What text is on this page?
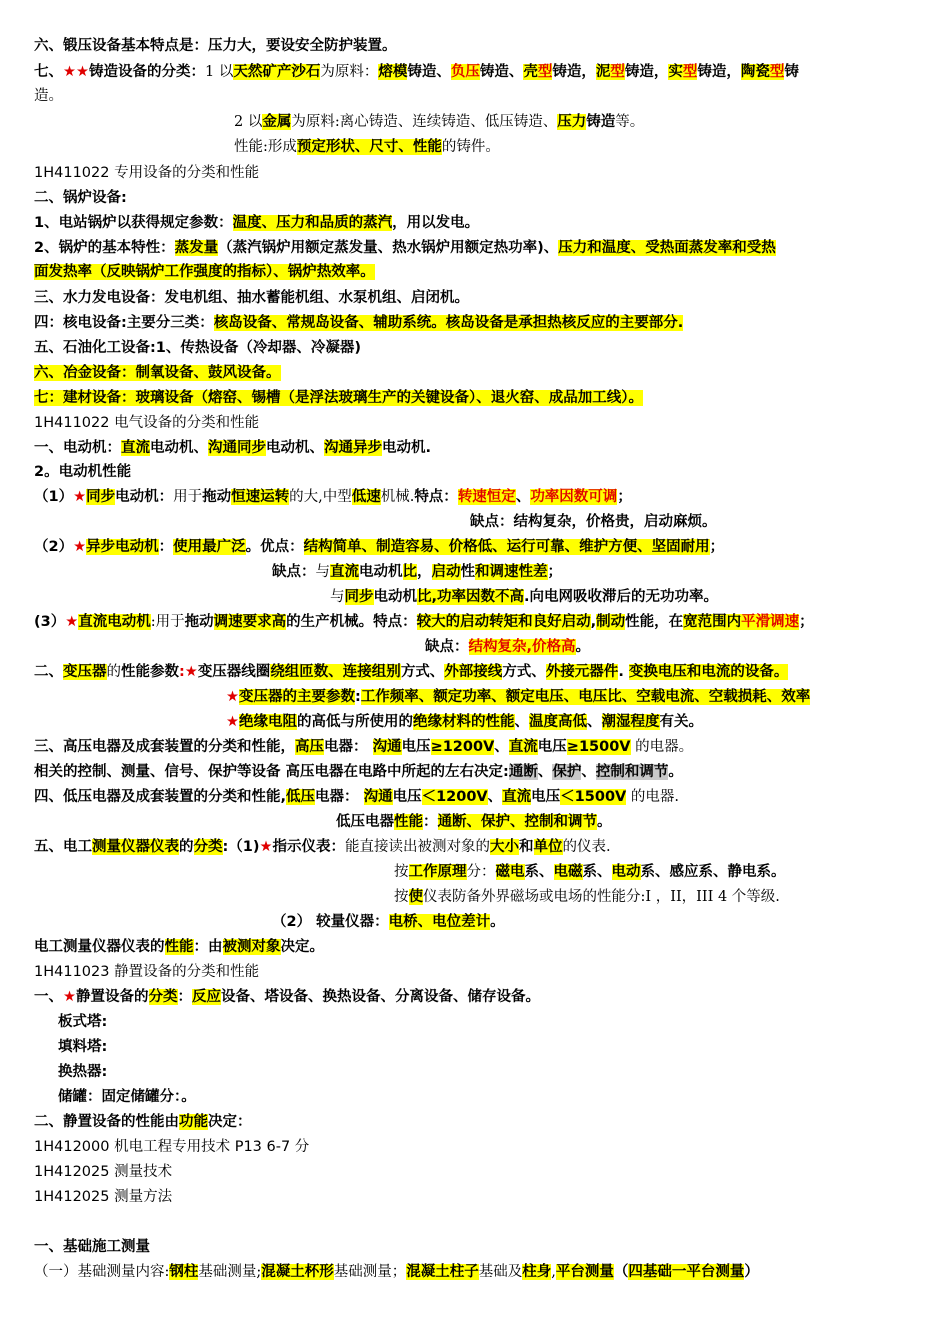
六、锻压设备基本特点是：压力大，要设安全防护装置。
七、★★铸造设备的分类：1 以天然矿产沙石为原料：熔模铸造、负压铸造、壳型铸造，泥型铸造，实型铸造，陶瓷型铸
造。
2 以金属为原料:离心铸造、连续铸造、低压铸造、压力铸造等。
性能:形成预定形状、尺寸、性能的铸件。
1H411022 专用设备的分类和性能
二、锅炉设备:
1、电站锅炉以获得规定参数：温度、压力和品质的蒸汽，用以发电。
2、锅炉的基本特性：蒸发量（蒸汽锅炉用额定蒸发量、热水锅炉用额定热功率)、压力和温度、受热面蒸发率和受热
面发热率（反映锅炉工作强度的指标）、锅炉热效率。
三、水力发电设备：发电机组、抽水蓄能机组、水泵机组、启闭机。
四：核电设备:主要分三类：核岛设备、常规岛设备、辅助系统。核岛设备是承担热核反应的主要部分.
五、石油化工设备:1、传热设备（冷却器、冷凝器)
六、冶金设备：制氧设备、鼓风设备。
七：建材设备：玻璃设备（熔窑、锡槽（是浮法玻璃生产的关键设备）、退火窑、成品加工线）。
1H411022 电气设备的分类和性能
一、电动机：直流电动机、沟通同步电动机、沟通异步电动机.
2。电动机性能
（1）★同步电动机：用于拖动恒速运转的大,中型低速机械.特点：转速恒定、功率因数可调；
缺点：结构复杂，价格贵，启动麻烦。
（2）★异步电动机：使用最广泛。优点：结构简单、制造容易、价格低、运行可靠、维护方便、坚固耐用；
缺点：与直流电动机比，启动性和调速性差；
与同步电动机比,功率因数不高.向电网吸收滞后的无功功率。
(3）★直流电动机:用于拖动调速要求高的生产机械。特点：较大的启动转矩和良好启动,制动性能，在宽范围内平滑调速；
缺点：结构复杂,价格高。
二、变压器的性能参数:★变压器线圈绕组匝数、连接组别方式、外部接线方式、外接元器件. 变换电压和电流的设备。
★变压器的主要参数:工作频率、额定功率、额定电压、电压比、空载电流、空载损耗、效率
★绝缘电阻的高低与所使用的绝缘材料的性能、温度高低、潮湿程度有关。
三、高压电器及成套装置的分类和性能，高压电器： 沟通电压≥1200V、直流电压≥1500V 的电器。
相关的控制、测量、信号、保护等设备 高压电器在电路中所起的左右决定:通断、保护、控制和调节。
四、低压电器及成套装置的分类和性能,低压电器： 沟通电压＜1200V、直流电压＜1500V 的电器.
低压电器性能：通断、保护、控制和调节。
五、电工测量仪器仪表的分类:（1)★指示仪表：能直接读出被测对象的大小和单位的仪表.
按工作原理分：磁电系、电磁系、电动系、感应系、静电系。
按使仪表防备外界磁场或电场的性能分:I ，II，III 4 个等级.
（2） 较量仪器：电桥、电位差计。
电工测量仪器仪表的性能：由被测对象决定。
1H411023 静置设备的分类和性能
一、★静置设备的分类：反应设备、塔设备、换热设备、分离设备、储存设备。
板式塔:
填料塔:
换热器:
储罐：固定储罐分：。
二、静置设备的性能由功能决定：
1H412000 机电工程专用技术 P13 6-7 分
1H412025 测量技术
1H412025 测量方法
一、基础施工测量
（一）基础测量内容:钢柱基础测量;混凝土杯形基础测量；混凝土柱子基础及柱身,平台测量（四基础一平台测量）
